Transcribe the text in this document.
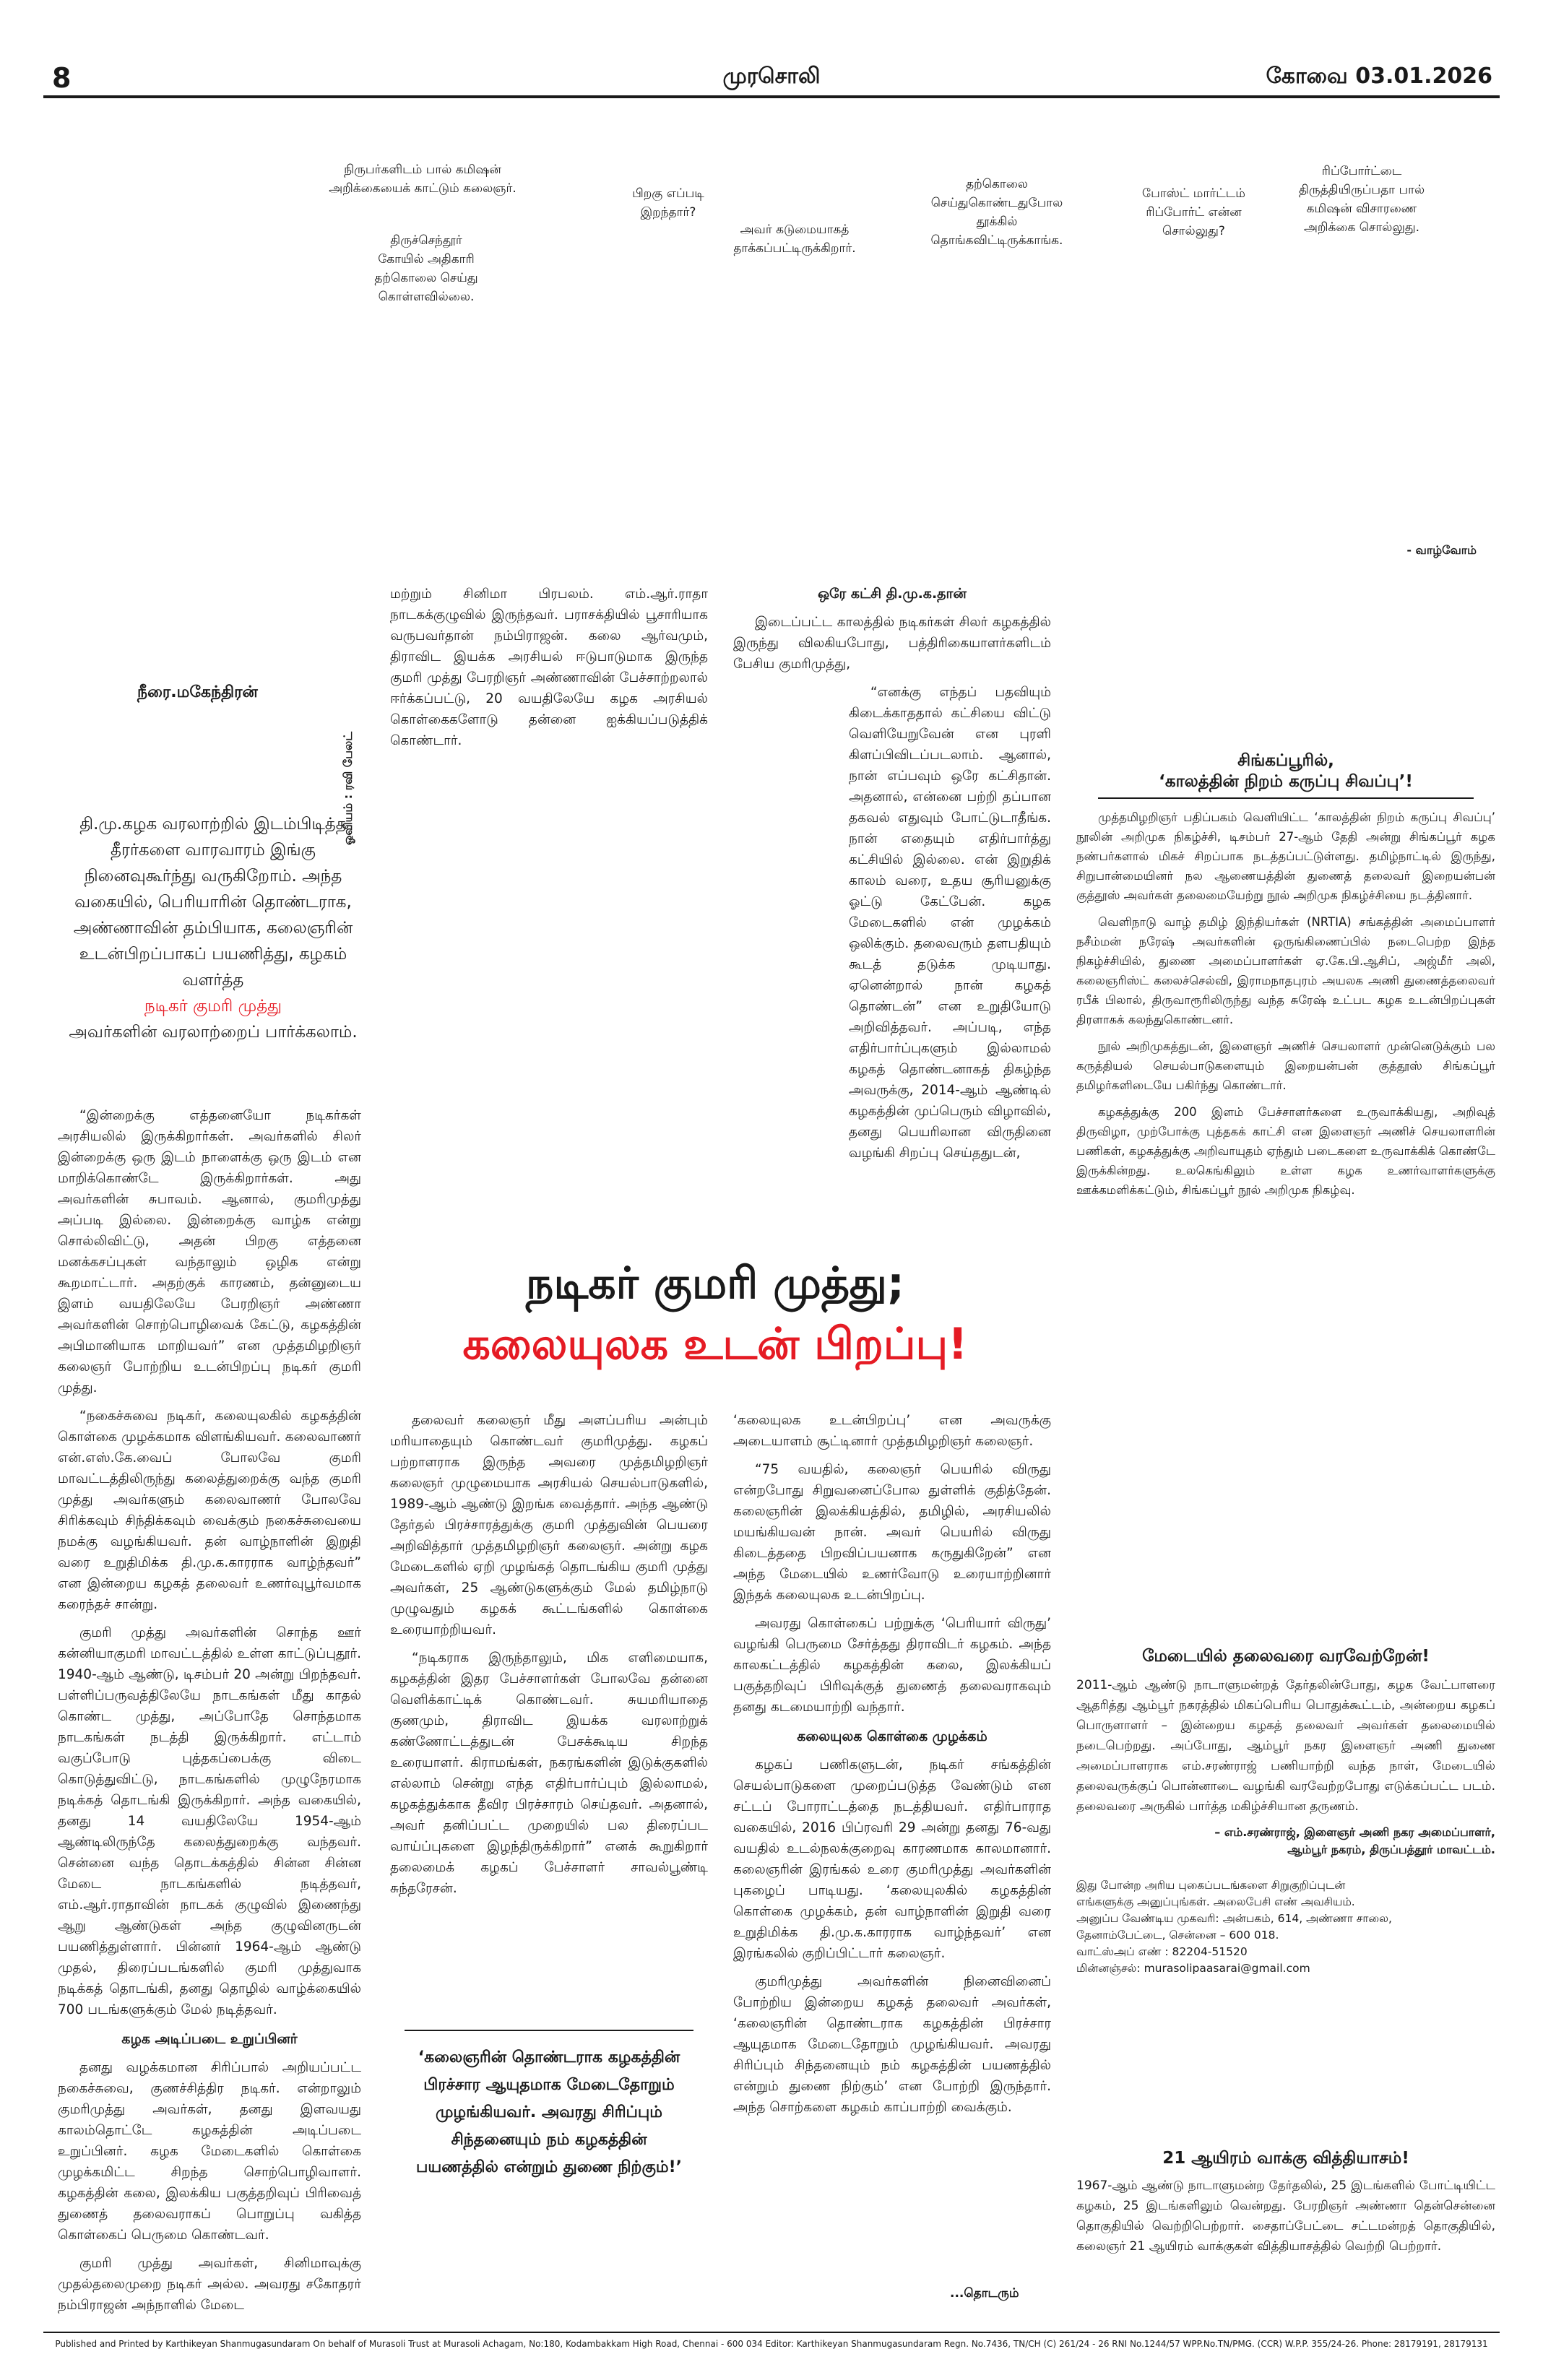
8	முரசொலி	கோவை 03.01.2026
நிருபர்களிடம் பால் கமிஷன் அறிக்கையைக் காட்டும் கலைஞர்.
திருச்செந்தூர் கோயில் அதிகாரி தற்கொலை செய்து கொள்ளவில்லை.
பிறகு எப்படி இறந்தார்?
அவர் கடுமையாகத் தாக்கப்பட்டிருக்கிறார்.
தற்கொலை செய்துகொண்டதுபோல தூக்கில் தொங்கவிட்டிருக்காங்க.
போஸ்ட் மார்ட்டம் ரிப்போர்ட் என்ன சொல்லுது?
ரிப்போர்ட்டை திருத்தியிருப்பதா பால் கமிஷன் விசாரணை அறிக்கை சொல்லுது.
- வாழ்வோம்
நீரை.மகேந்திரன்
தி.மு.கழக வரலாற்றில் இடம்பிடித்த தீரர்களை வாரவாரம் இங்கு நினைவுகூர்ந்து வருகிறோம். அந்த வகையில், பெரியாரின் தொண்டராக, அண்ணாவின் தம்பியாக, கலைஞரின் உடன்பிறப்பாகப் பயணித்து, கழகம் வளர்த்த
நடிகர் குமரி முத்து
அவர்களின் வரலாற்றைப் பார்க்கலாம்.
ஓவியம் : ரவி பேலட்

“இன்றைக்கு எத்தனையோ நடிகர்கள் அரசியலில் இருக்கிறார்கள். அவர்களில் சிலர் இன்றைக்கு ஒரு இடம் நாளைக்கு ஒரு இடம் என மாறிக்கொண்டே இருக்கிறார்கள். அது அவர்களின் சுபாவம். ஆனால், குமரிமுத்து அப்படி இல்லை. இன்றைக்கு வாழ்க என்று சொல்லிவிட்டு, அதன் பிறகு எத்தனை மனக்கசப்புகள் வந்தாலும் ஒழிக என்று கூறமாட்டார். அதற்குக் காரணம், தன்னுடைய இளம் வயதிலேயே பேரறிஞர் அண்ணா அவர்களின் சொற்பொழிவைக் கேட்டு, கழகத்தின் அபிமானியாக மாறியவர்” என முத்தமிழறிஞர் கலைஞர் போற்றிய உடன்பிறப்பு நடிகர் குமரி முத்து.

“நகைச்சுவை நடிகர், கலையுலகில் கழகத்தின் கொள்கை முழக்கமாக விளங்கியவர். கலைவாணர் என்.எஸ்.கே.வைப் போலவே குமரி மாவட்டத்திலிருந்து கலைத்துறைக்கு வந்த குமரி முத்து அவர்களும் கலைவாணர் போலவே சிரிக்கவும் சிந்திக்கவும் வைக்கும் நகைச்சுவையை நமக்கு வழங்கியவர். தன் வாழ்நாளின் இறுதி வரை உறுதிமிக்க தி.மு.க.காரராக வாழ்ந்தவர்” என இன்றைய கழகத் தலைவர் உணர்வுபூர்வமாக கரைந்தச் சான்று.

குமரி முத்து அவர்களின் சொந்த ஊர் கன்னியாகுமரி மாவட்டத்தில் உள்ள காட்டுப்புதூர். 1940-ஆம் ஆண்டு, டிசம்பர் 20 அன்று பிறந்தவர். பள்ளிப்பருவத்திலேயே நாடகங்கள் மீது காதல் கொண்ட முத்து, அப்போதே சொந்தமாக நாடகங்கள் நடத்தி இருக்கிறார். எட்டாம் வகுப்போடு புத்தகப்பைக்கு விடை கொடுத்துவிட்டு, நாடகங்களில் முழுநேரமாக நடிக்கத் தொடங்கி இருக்கிறார். அந்த வகையில், தனது 14 வயதிலேயே 1954-ஆம் ஆண்டிலிருந்தே கலைத்துறைக்கு வந்தவர். சென்னை வந்த தொடக்கத்தில் சின்ன சின்ன மேடை நாடகங்களில் நடித்தவர், எம்.ஆர்.ராதாவின் நாடகக் குழுவில் இணைந்து ஆறு ஆண்டுகள் அந்த குழுவினருடன் பயணித்துள்ளார். பின்னர் 1964-ஆம் ஆண்டு முதல், திரைப்படங்களில் குமரி முத்துவாக நடிக்கத் தொடங்கி, தனது தொழில் வாழ்க்கையில் 700 படங்களுக்கும் மேல் நடித்தவர்.

கழக அடிப்படை உறுப்பினர்

தனது வழக்கமான சிரிப்பால் அறியப்பட்ட நகைச்சுவை, குணச்சித்திர நடிகர். என்றாலும் குமரிமுத்து அவர்கள், தனது இளவயது காலம்தொட்டே கழகத்தின் அடிப்படை உறுப்பினர். கழக மேடைகளில் கொள்கை முழக்கமிட்ட சிறந்த சொற்பொழிவாளர். கழகத்தின் கலை, இலக்கிய பகுத்தறிவுப் பிரிவைத் துணைத் தலைவராகப் பொறுப்பு வகித்த கொள்கைப் பெருமை கொண்டவர்.

குமரி முத்து அவர்கள், சினிமாவுக்கு முதல்தலைமுறை நடிகர் அல்ல. அவரது சகோதரர் நம்பிராஜன் அந்நாளில் மேடை

மற்றும் சினிமா பிரபலம். எம்.ஆர்.ராதா நாடகக்குழுவில் இருந்தவர். பராசக்தியில் பூசாரியாக வருபவர்தான் நம்பிராஜன். கலை ஆர்வமும், திராவிட இயக்க அரசியல் ஈடுபாடுமாக இருந்த குமரி முத்து பேரறிஞர் அண்ணாவின் பேச்சாற்றலால் ஈர்க்கப்பட்டு, 20 வயதிலேயே கழக அரசியல் கொள்கைகளோடு தன்னை ஐக்கியப்படுத்திக் கொண்டார்.

ஒரே கட்சி தி.மு.க.தான்

இடைப்பட்ட காலத்தில் நடிகர்கள் சிலர் கழகத்தில் இருந்து விலகியபோது, பத்திரிகையாளர்களிடம் பேசிய குமரிமுத்து,

“எனக்கு எந்தப் பதவியும் கிடைக்காததால் கட்சியை விட்டு வெளியேறுவேன் என புரளி கிளப்பிவிடப்படலாம். ஆனால், நான் எப்பவும் ஒரே கட்சிதான். அதனால், என்னை பற்றி தப்பான தகவல் எதுவும் போட்டுடாதீங்க. நான் எதையும் எதிர்பார்த்து கட்சியில் இல்லை. என் இறுதிக் காலம் வரை, உதய சூரியனுக்கு ஓட்டு கேட்பேன். கழக மேடைகளில் என் முழக்கம் ஒலிக்கும். தலைவரும் தளபதியும் கூடத் தடுக்க முடியாது. ஏனென்றால் நான் கழகத் தொண்டன்” என உறுதியோடு அறிவித்தவர். அப்படி, எந்த எதிர்பார்ப்புகளும் இல்லாமல் கழகத் தொண்டனாகத் திகழ்ந்த அவருக்கு, 2014-ஆம் ஆண்டில் கழகத்தின் முப்பெரும் விழாவில், தனது பெயரிலான விருதினை வழங்கி சிறப்பு செய்ததுடன்,

நடிகர் குமரி முத்து;
கலையுலக உடன் பிறப்பு!

தலைவர் கலைஞர் மீது அளப்பரிய அன்பும் மரியாதையும் கொண்டவர் குமரிமுத்து. கழகப் பற்றாளராக இருந்த அவரை முத்தமிழறிஞர் கலைஞர் முழுமையாக அரசியல் செயல்பாடுகளில், 1989-ஆம் ஆண்டு இறங்க வைத்தார். அந்த ஆண்டு தேர்தல் பிரச்சாரத்துக்கு குமரி முத்துவின் பெயரை அறிவித்தார் முத்தமிழறிஞர் கலைஞர். அன்று கழக மேடைகளில் ஏறி முழங்கத் தொடங்கிய குமரி முத்து அவர்கள், 25 ஆண்டுகளுக்கும் மேல் தமிழ்நாடு முழுவதும் கழகக் கூட்டங்களில் கொள்கை உரையாற்றியவர்.

“நடிகராக இருந்தாலும், மிக எளிமையாக, கழகத்தின் இதர பேச்சாளர்கள் போலவே தன்னை வெளிக்காட்டிக் கொண்டவர். சுயமரியாதை குணமும், திராவிட இயக்க வரலாற்றுக் கண்ணோட்டத்துடன் பேசக்கூடிய சிறந்த உரையாளர். கிராமங்கள், நகரங்களின் இடுக்குகளில் எல்லாம் சென்று எந்த எதிர்பார்ப்பும் இல்லாமல், கழகத்துக்காக தீவிர பிரச்சாரம் செய்தவர். அதனால், அவர் தனிப்பட்ட முறையில் பல திரைப்பட வாய்ப்புகளை இழந்திருக்கிறார்” எனக் கூறுகிறார் தலைமைக் கழகப் பேச்சாளர் சாவல்பூண்டி சுந்தரேசன்.

‘கலைஞரின் தொண்டராக கழகத்தின் பிரச்சார ஆயுதமாக மேடைதோறும் முழங்கியவர். அவரது சிரிப்பும் சிந்தனையும் நம் கழகத்தின் பயணத்தில் என்றும் துணை நிற்கும்!’

‘கலையுலக உடன்பிறப்பு’ என அவருக்கு அடையாளம் சூட்டினார் முத்தமிழறிஞர் கலைஞர்.

“75 வயதில், கலைஞர் பெயரில் விருது என்றபோது சிறுவனைப்போல துள்ளிக் குதித்தேன். கலைஞரின் இலக்கியத்தில், தமிழில், அரசியலில் மயங்கியவன் நான். அவர் பெயரில் விருது கிடைத்ததை பிறவிப்பயனாக கருதுகிறேன்” என அந்த மேடையில் உணர்வோடு உரையாற்றினார் இந்தக் கலையுலக உடன்பிறப்பு.

அவரது கொள்கைப் பற்றுக்கு ‘பெரியார் விருது’ வழங்கி பெருமை சேர்த்தது திராவிடர் கழகம். அந்த காலகட்டத்தில் கழகத்தின் கலை, இலக்கியப் பகுத்தறிவுப் பிரிவுக்குத் துணைத் தலைவராகவும் தனது கடமையாற்றி வந்தார்.

கலையுலக கொள்கை முழக்கம்

கழகப் பணிகளுடன், நடிகர் சங்கத்தின் செயல்பாடுகளை முறைப்படுத்த வேண்டும் என சட்டப் போராட்டத்தை நடத்தியவர். எதிர்பாராத வகையில், 2016 பிப்ரவரி 29 அன்று தனது 76-வது வயதில் உடல்நலக்குறைவு காரணமாக காலமானார். கலைஞரின் இரங்கல் உரை குமரிமுத்து அவர்களின் புகழைப் பாடியது. ‘கலையுலகில் கழகத்தின் கொள்கை முழக்கம், தன் வாழ்நாளின் இறுதி வரை உறுதிமிக்க தி.மு.க.காரராக வாழ்ந்தவர்’ என இரங்கலில் குறிப்பிட்டார் கலைஞர்.

குமரிமுத்து அவர்களின் நினைவினைப் போற்றிய இன்றைய கழகத் தலைவர் அவர்கள், ‘கலைஞரின் தொண்டராக கழகத்தின் பிரச்சார ஆயுதமாக மேடைதோறும் முழங்கியவர். அவரது சிரிப்பும் சிந்தனையும் நம் கழகத்தின் பயணத்தில் என்றும் துணை நிற்கும்’ என போற்றி இருந்தார். அந்த சொற்களை கழகம் காப்பாற்றி வைக்கும்.

...தொடரும்
சிங்கப்பூரில்,
‘காலத்தின் நிறம் கருப்பு சிவப்பு’!

முத்தமிழறிஞர் பதிப்பகம் வெளியிட்ட ‘காலத்தின் நிறம் கருப்பு சிவப்பு’ நூலின் அறிமுக நிகழ்ச்சி, டிசம்பர் 27-ஆம் தேதி அன்று சிங்கப்பூர் கழக நண்பர்களால் மிகச் சிறப்பாக நடத்தப்பட்டுள்ளது. தமிழ்நாட்டில் இருந்து, சிறுபான்மையினர் நல ஆணையத்தின் துணைத் தலைவர் இறையன்பன் குத்தூஸ் அவர்கள் தலைமையேற்று நூல் அறிமுக நிகழ்ச்சியை நடத்தினார்.

வெளிநாடு வாழ் தமிழ் இந்தியர்கள் (NRTIA) சங்கத்தின் அமைப்பாளர் நசீம்மன் நரேஷ் அவர்களின் ஒருங்கிணைப்பில் நடைபெற்ற இந்த நிகழ்ச்சியில், துணை அமைப்பாளர்கள் ஏ.கே.பி.ஆசிப், அஜ்மீர் அலி, கலைஞரிஸ்ட் கலைச்செல்வி, இராமநாதபுரம் அயலக அணி துணைத்தலைவர் ரபீக் பிலால், திருவாரூரிலிருந்து வந்த சுரேஷ் உட்பட கழக உடன்பிறப்புகள் திரளாகக் கலந்துகொண்டனர்.

நூல் அறிமுகத்துடன், இளைஞர் அணிச் செயலாளர் முன்னெடுக்கும் பல கருத்தியல் செயல்பாடுகளையும் இறையன்பன் குத்தூஸ் சிங்கப்பூர் தமிழர்களிடையே பகிர்ந்து கொண்டார்.

கழகத்துக்கு 200 இளம் பேச்சாளர்களை உருவாக்கியது, அறிவுத் திருவிழா, முற்போக்கு புத்தகக் காட்சி என இளைஞர் அணிச் செயலாளரின் பணிகள், கழகத்துக்கு அறிவாயுதம் ஏந்தும் படைகளை உருவாக்கிக் கொண்டே இருக்கின்றது. உலகெங்கிலும் உள்ள கழக உணர்வாளர்களுக்கு ஊக்கமளிக்கட்டும், சிங்கப்பூர் நூல் அறிமுக நிகழ்வு.

மேடையில் தலைவரை வரவேற்றேன்!

2011-ஆம் ஆண்டு நாடாளுமன்றத் தேர்தலின்போது, கழக வேட்பாளரை ஆதரித்து ஆம்பூர் நகரத்தில் மிகப்பெரிய பொதுக்கூட்டம், அன்றைய கழகப் பொருளாளர் – இன்றைய கழகத் தலைவர் அவர்கள் தலைமையில் நடைபெற்றது. அப்போது, ஆம்பூர் நகர இளைஞர் அணி துணை அமைப்பாளராக எம்.சரண்ராஜ் பணியாற்றி வந்த நாள், மேடையில் தலைவருக்குப் பொன்னாடை வழங்கி வரவேற்றபோது எடுக்கப்பட்ட படம். தலைவரை அருகில் பார்த்த மகிழ்ச்சியான தருணம்.

– எம்.சரண்ராஜ், இளைஞர் அணி நகர அமைப்பாளர்,
ஆம்பூர் நகரம், திருப்பத்தூர் மாவட்டம்.
இது போன்ற அரிய புகைப்படங்களை சிறுகுறிப்புடன்
எங்களுக்கு அனுப்புங்கள். அலைபேசி எண் அவசியம்.
அனுப்ப வேண்டிய முகவரி: அன்பகம், 614, அண்ணா சாலை,
தேனாம்பேட்டை, சென்னை – 600 018.
வாட்ஸ்அப் எண் : 82204-51520
மின்னஞ்சல்: murasolipaasarai@gmail.com
21 ஆயிரம் வாக்கு வித்தியாசம்!

1967-ஆம் ஆண்டு நாடாளுமன்ற தேர்தலில், 25 இடங்களில் போட்டியிட்ட கழகம், 25 இடங்களிலும் வென்றது. பேரறிஞர் அண்ணா தென்சென்னை தொகுதியில் வெற்றிபெற்றார். சைதாப்பேட்டை சட்டமன்றத் தொகுதியில், கலைஞர் 21 ஆயிரம் வாக்குகள் வித்தியாசத்தில் வெற்றி பெற்றார்.

Published and Printed by Karthikeyan Shanmugasundaram On behalf of Murasoli Trust at Murasoli Achagam, No:180, Kodambakkam High Road, Chennai - 600 034 Editor: Karthikeyan Shanmugasundaram Regn. No.7436, TN/CH (C) 261/24 - 26 RNI No.1244/57 WPP.No.TN/PMG. (CCR) W.P.P. 355/24-26. Phone: 28179191, 28179131
